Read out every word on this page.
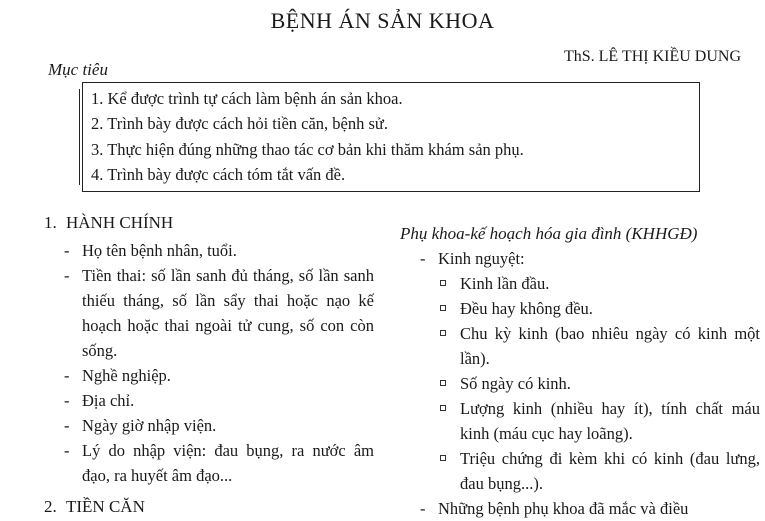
BỆNH ÁN SẢN KHOA
ThS. LÊ THỊ KIỀU DUNG
Mục tiêu
1. Kể được trình tự cách làm bệnh án sản khoa.
2. Trình bày được cách hỏi tiền căn, bệnh sử.
3. Thực hiện đúng những thao tác cơ bản khi thăm khám sản phụ.
4. Trình bày được cách tóm tắt vấn đề.

1. HÀNH CHÍNH

- Họ tên bệnh nhân, tuổi.
- Tiền thai: số lần sanh đủ tháng, số lần sanh thiếu tháng, số lần sẩy thai hoặc nạo kế hoạch hoặc thai ngoài tử cung, số con còn sống.
- Nghề nghiệp.
- Địa chỉ.
- Ngày giờ nhập viện.
- Lý do nhập viện: đau bụng, ra nước âm đạo, ra huyết âm đạo...

2. TIỀN CĂN

Phụ khoa-kế hoạch hóa gia đình (KHHGĐ)
- Kinh nguyệt:
Kinh lần đầu.
Đều hay không đều.
Chu kỳ kinh (bao nhiêu ngày có kinh một lần).
Số ngày có kinh.
Lượng kinh (nhiều hay ít), tính chất máu kinh (máu cục hay loãng).
Triệu chứng đi kèm khi có kinh (đau lưng, đau bụng...).
- Những bệnh phụ khoa đã mắc và điều
